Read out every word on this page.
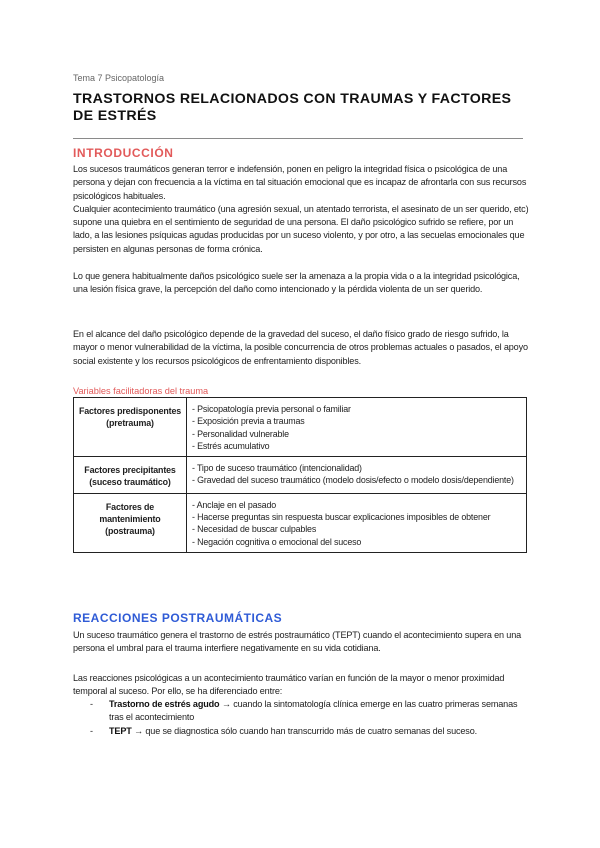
Tema 7 Psicopatología
TRASTORNOS RELACIONADOS CON TRAUMAS Y FACTORES DE ESTRÉS
INTRODUCCIÓN
Los sucesos traumáticos generan terror e indefensión, ponen en peligro la integridad física o psicológica de una persona y dejan con frecuencia a la víctima en tal situación emocional que es incapaz de afrontarla con sus recursos psicológicos habituales.
Cualquier acontecimiento traumático (una agresión sexual, un atentado terrorista, el asesinato de un ser querido, etc) supone una quiebra en el sentimiento de seguridad de una persona. El daño psicológico sufrido se refiere, por un lado, a las lesiones psíquicas agudas producidas por un suceso violento, y por otro, a las secuelas emocionales que persisten en algunas personas de forma crónica.

Lo que genera habitualmente daños psicológico suele ser la amenaza a la propia vida o a la integridad psicológica, una lesión física grave, la percepción del daño como intencionado y la pérdida violenta de un ser querido.

En el alcance del daño psicológico depende de la gravedad del suceso, el daño físico grado de riesgo sufrido, la mayor o menor vulnerabilidad de la víctima, la posible concurrencia de otros problemas actuales o pasados, el apoyo social existente y los recursos psicológicos de enfrentamiento disponibles.

Variables facilitadoras del trauma
Factores predisponentes (pretrauma)	- Psicopatología previa personal o familiar
- Exposición previa a traumas
- Personalidad vulnerable
- Estrés acumulativo

Factores precipitantes (suceso traumático)	- Tipo de suceso traumático (intencionalidad)
- Gravedad del suceso traumático (modelo dosis/efecto o modelo dosis/dependiente)

Factores de mantenimiento (postrauma)	- Anclaje en el pasado
- Hacerse preguntas sin respuesta buscar explicaciones imposibles de obtener
- Necesidad de buscar culpables
- Negación cognitiva o emocional del suceso
REACCIONES POSTRAUMÁTICAS

Un suceso traumático genera el trastorno de estrés postraumático (TEPT) cuando el acontecimiento supera en una persona el umbral para el trauma interfiere negativamente en su vida cotidiana.

Las reacciones psicológicas a un acontecimiento traumático varían en función de la mayor o menor proximidad temporal al suceso. Por ello, se ha diferenciado entre:

- Trastorno de estrés agudo → cuando la sintomatología clínica emerge en las cuatro primeras semanas tras el acontecimiento
- TEPT → que se diagnostica sólo cuando han transcurrido más de cuatro semanas del suceso.
